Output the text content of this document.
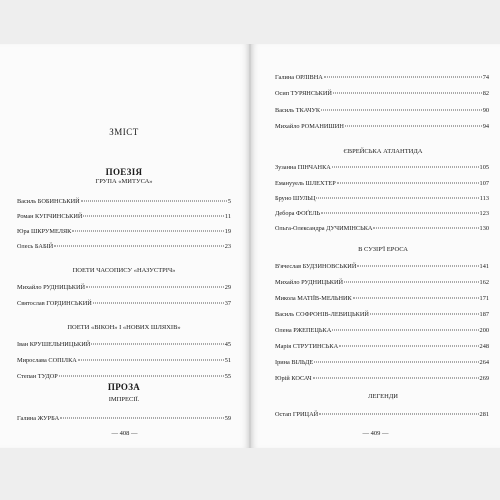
ЗМІСТ
ПОЕЗІЯ
ГРУПА «МИТУСА»
Василь БОБИНСЬКИЙ	5
Роман КУПЧИНСЬКИЙ	11
Юра ШКРУМЕЛЯК	19
Олесь БАБІЙ	23
ПОЕТИ ЧАСОПИСУ «НАЗУСТРІЧ»
Михайло РУДНИЦЬКИЙ	29
Святослав ГОРДИНСЬКИЙ	37
ПОЕТИ «ВІКОН» І «НОВИХ ШЛЯХІВ»
Іван КРУШЕЛЬНИЦЬКИЙ	45
Мирослава СОПІЛКА	51
Степан ТУДОР	55
ПРОЗА
ІМПРЕСІЇ.
Галина ЖУРБА	59
— 408 —
Галина ОРЛІВНА	74
Осип ТУРЯНСЬКИЙ	82
Василь ТКАЧУК	90
Михайло РОМАНИШИН	94
ЄВРЕЙСЬКА АТЛАНТИДА
Зузанна ПІНЧАНКА	105
Еманууель ШЛЕХТЕР	107
Бруно ШУЛЬЦ	113
Дебора ФОҐЕЛЬ	123
Ольга-Олександра ДУЧИМІНСЬКА	130
В СУЗІР'Ї ЕРОСА
В'ячеслав БУДЗИНОВСЬКИЙ	141
Михайло РУДНИЦЬКИЙ	162
Микола МАТІЇВ-МЕЛЬНИК	171
Василь СОФРОНІВ-ЛЕВИЦЬКИЙ	187
Олена РЖЕПЕЦЬКА	200
Марія СТРУТИНСЬКА	248
Ірина ВІЛЬДЕ	264
Юрій КОСАЧ	269
ЛЕГЕНДИ
Остап ГРИЦАЙ	281
— 409 —
